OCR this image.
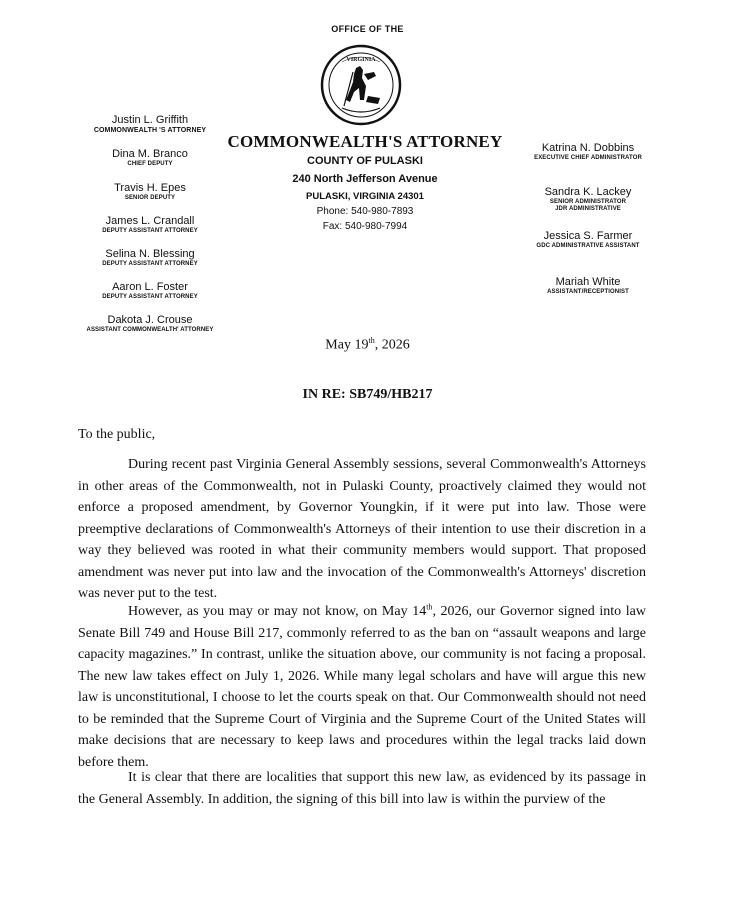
OFFICE OF THE
VIRGINIA
COMMONWEALTH'S ATTORNEY
COUNTY OF PULASKI
240 North Jefferson Avenue
PULASKI, VIRGINIA 24301
Phone: 540-980-7893
Fax: 540-980-7994
Justin L. Griffith
COMMONWEALTH 'S ATTORNEY
Dina M. Branco
CHIEF DEPUTY
Travis H. Epes
SENIOR DEPUTY
James L. Crandall
DEPUTY ASSISTANT ATTORNEY
Selina N. Blessing
DEPUTY ASSISTANT ATTORNEY
Aaron L. Foster
DEPUTY ASSISTANT ATTORNEY
Dakota J. Crouse
ASSISTANT COMMONWEALTH' ATTORNEY
Katrina N. Dobbins
EXECUTIVE CHIEF ADMINISTRATOR
Sandra K. Lackey
SENIOR ADMINISTRATOR
JDR ADMINISTRATIVE
Jessica S. Farmer
GDC ADMINISTRATIVE ASSISTANT
Mariah White
ASSISTANT/RECEPTIONIST
May 19th, 2026
IN RE: SB749/HB217
To the public,
During recent past Virginia General Assembly sessions, several Commonwealth's Attorneys in other areas of the Commonwealth, not in Pulaski County, proactively claimed they would not enforce a proposed amendment, by Governor Youngkin, if it were put into law. Those were preemptive declarations of Commonwealth's Attorneys of their intention to use their discretion in a way they believed was rooted in what their community members would support. That proposed amendment was never put into law and the invocation of the Commonwealth's Attorneys' discretion was never put to the test.
However, as you may or may not know, on May 14th, 2026, our Governor signed into law Senate Bill 749 and House Bill 217, commonly referred to as the ban on “assault weapons and large capacity magazines.” In contrast, unlike the situation above, our community is not facing a proposal. The new law takes effect on July 1, 2026. While many legal scholars and have will argue this new law is unconstitutional, I choose to let the courts speak on that. Our Commonwealth should not need to be reminded that the Supreme Court of Virginia and the Supreme Court of the United States will make decisions that are necessary to keep laws and procedures within the legal tracks laid down before them.
It is clear that there are localities that support this new law, as evidenced by its passage in the General Assembly. In addition, the signing of this bill into law is within the purview of the
